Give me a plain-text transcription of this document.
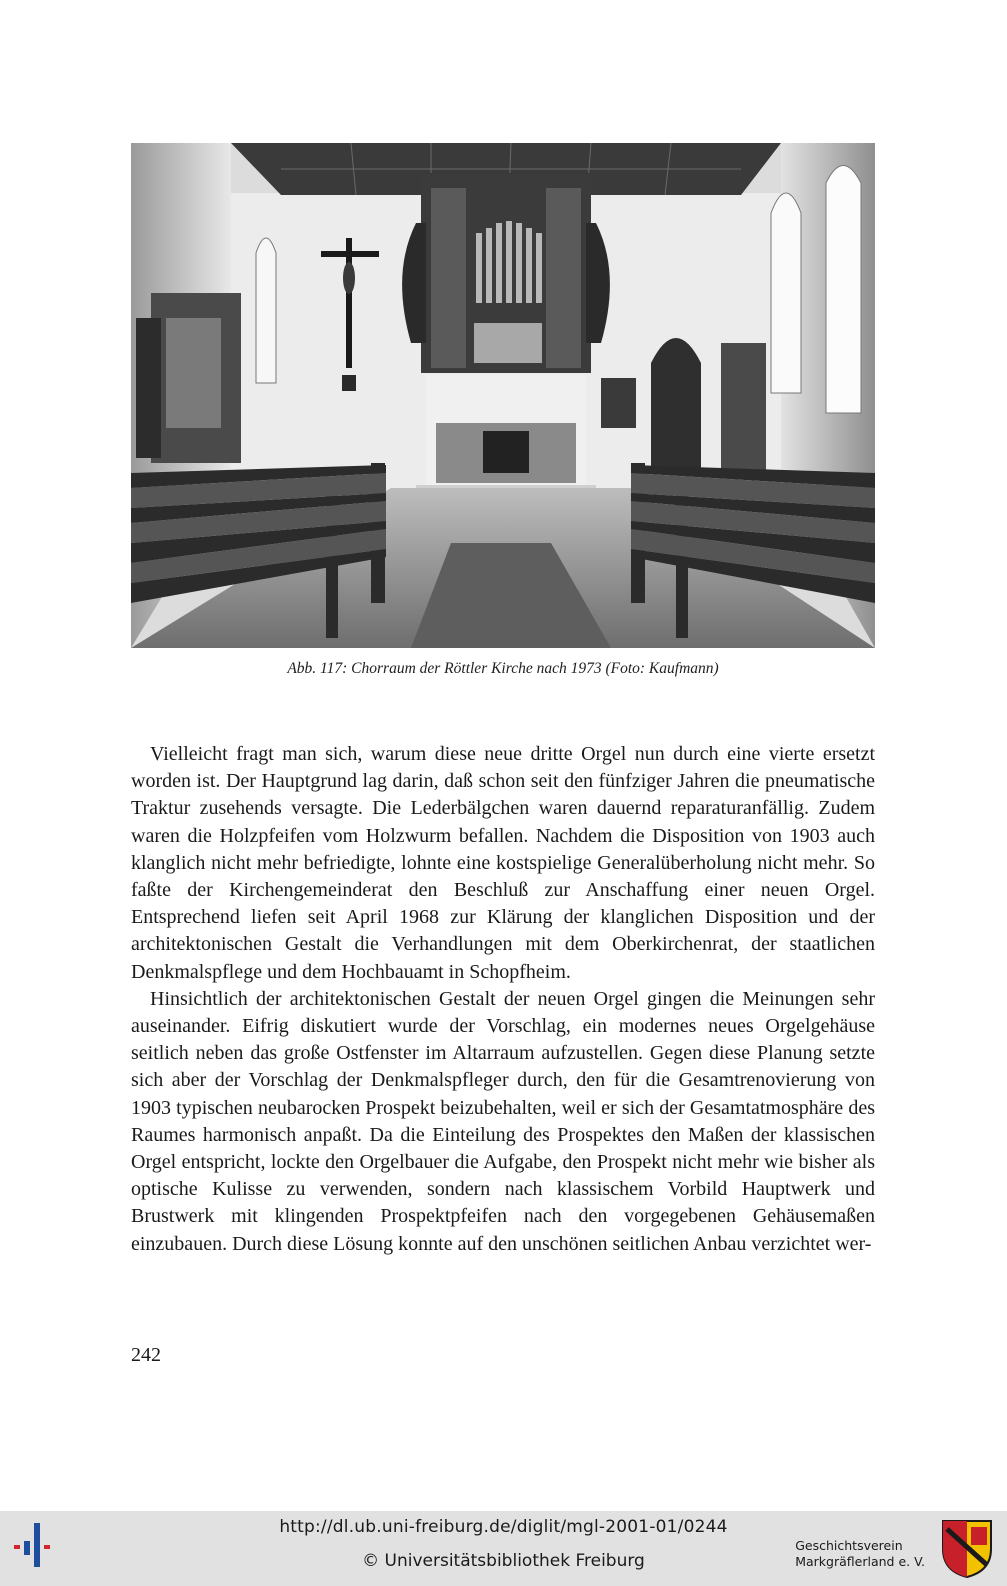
Abb. 117: Chorraum der Röttler Kirche nach 1973 (Foto: Kaufmann)

Vielleicht fragt man sich, warum diese neue dritte Orgel nun durch eine vierte ersetzt worden ist. Der Hauptgrund lag darin, daß schon seit den fünfziger Jahren die pneumatische Traktur zusehends versagte. Die Lederbälgchen waren dauernd reparaturanfällig. Zudem waren die Holzpfeifen vom Holzwurm befallen. Nachdem die Disposition von 1903 auch klanglich nicht mehr befriedigte, lohnte eine kostspielige Generalüberholung nicht mehr. So faßte der Kirchengemeinderat den Beschluß zur Anschaffung einer neuen Orgel. Entsprechend liefen seit April 1968 zur Klärung der klanglichen Disposition und der architektonischen Gestalt die Verhandlungen mit dem Oberkirchenrat, der staatlichen Denkmalspflege und dem Hochbauamt in Schopfheim.

Hinsichtlich der architektonischen Gestalt der neuen Orgel gingen die Meinungen sehr auseinander. Eifrig diskutiert wurde der Vorschlag, ein modernes neues Orgelgehäuse seitlich neben das große Ostfenster im Altarraum aufzustellen. Gegen diese Planung setzte sich aber der Vorschlag der Denkmalspfleger durch, den für die Gesamtrenovierung von 1903 typischen neubarocken Prospekt beizubehalten, weil er sich der Gesamtatmosphäre des Raumes harmonisch anpaßt. Da die Einteilung des Prospektes den Maßen der klassischen Orgel entspricht, lockte den Orgelbauer die Aufgabe, den Prospekt nicht mehr wie bisher als optische Kulisse zu verwenden, sondern nach klassischem Vorbild Hauptwerk und Brustwerk mit klingenden Prospektpfeifen nach den vorgegebenen Gehäusemaßen einzubauen. Durch diese Lösung konnte auf den unschönen seitlichen Anbau verzichtet wer-

242
http://dl.ub.uni-freiburg.de/diglit/mgl-2001-01/0244
© Universitätsbibliothek Freiburg
Geschichtsverein
Markgräflerland e. V.
